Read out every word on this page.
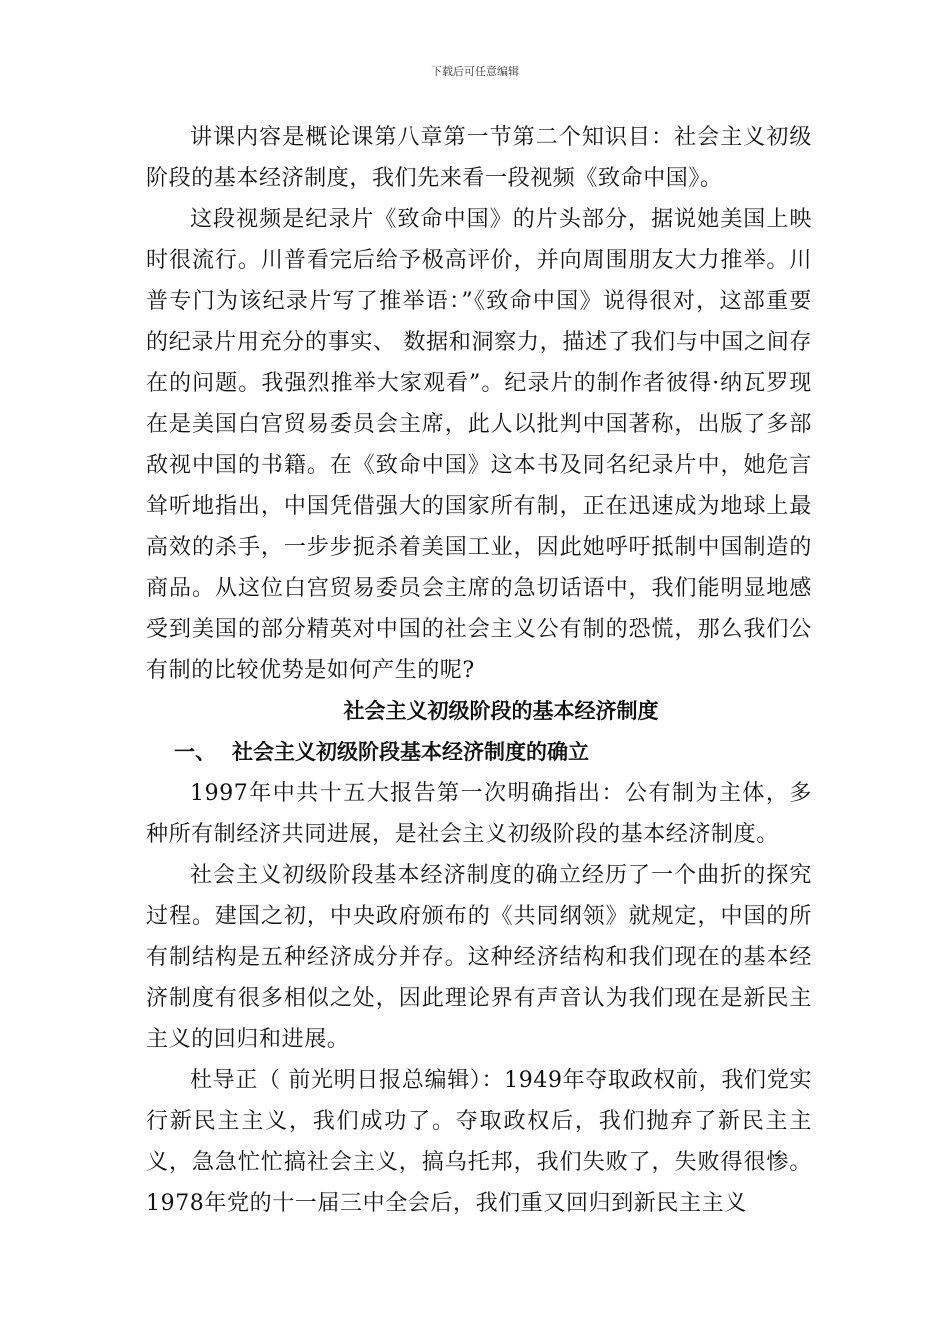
下载后可任意编辑

讲课内容是概论课第八章第一节第二个知识目：社会主义初级阶段的基本经济制度，我们先来看一段视频《致命中国》。

这段视频是纪录片《致命中国》的片头部分，据说她美国上映时很流行。川普看完后给予极高评价，并向周围朋友大力推举。川普专门为该纪录片写了推举语：”《致命中国》说得很对，这部重要的纪录片用充分的事实、 数据和洞察力，描述了我们与中国之间存在的问题。我强烈推举大家观看”。纪录片的制作者彼得·纳瓦罗现在是美国白宫贸易委员会主席，此人以批判中国著称，出版了多部敌视中国的书籍。在《致命中国》这本书及同名纪录片中，她危言耸听地指出，中国凭借强大的国家所有制，正在迅速成为地球上最高效的杀手，一步步扼杀着美国工业，因此她呼吁抵制中国制造的商品。从这位白宫贸易委员会主席的急切话语中，我们能明显地感受到美国的部分精英对中国的社会主义公有制的恐慌，那么我们公有制的比较优势是如何产生的呢?

社会主义初级阶段的基本经济制度

一、 社会主义初级阶段基本经济制度的确立

1997年中共十五大报告第一次明确指出：公有制为主体，多种所有制经济共同进展，是社会主义初级阶段的基本经济制度。

社会主义初级阶段基本经济制度的确立经历了一个曲折的探究过程。建国之初，中央政府颁布的《共同纲领》就规定，中国的所有制结构是五种经济成分并存。这种经济结构和我们现在的基本经济制度有很多相似之处，因此理论界有声音认为我们现在是新民主主义的回归和进展。

杜导正（ 前光明日报总编辑）：1949年夺取政权前，我们党实行新民主主义，我们成功了。夺取政权后，我们抛弃了新民主主义，急急忙忙搞社会主义，搞乌托邦，我们失败了，失败得很惨。1978年党的十一届三中全会后，我们重又回归到新民主主义
